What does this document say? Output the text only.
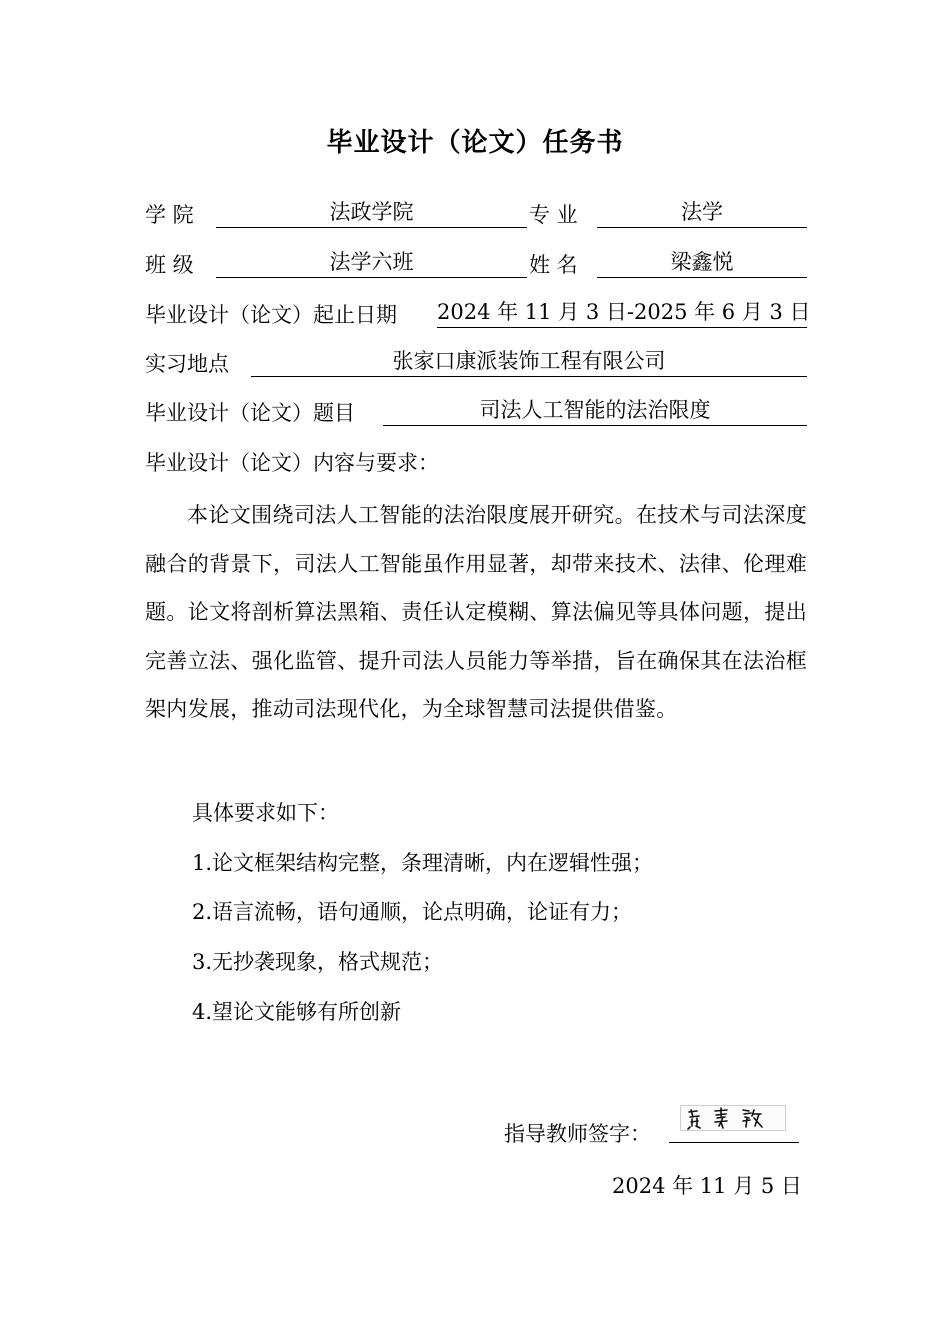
毕业设计（论文）任务书
学 院	法政学院	专 业	法学
班 级	法学六班	姓 名	梁鑫悦
毕业设计（论文）起止日期 2024 年 11 月 3 日-2025 年 6 月 3 日
实习地点	张家口康派装饰工程有限公司
毕业设计（论文）题目	司法人工智能的法治限度
毕业设计（论文）内容与要求：
本论文围绕司法人工智能的法治限度展开研究。在技术与司法深度融合的背景下，司法人工智能虽作用显著，却带来技术、法律、伦理难题。论文将剖析算法黑箱、责任认定模糊、算法偏见等具体问题，提出完善立法、强化监管、提升司法人员能力等举措，旨在确保其在法治框架内发展，推动司法现代化，为全球智慧司法提供借鉴。
具体要求如下：
1.论文框架结构完整，条理清晰，内在逻辑性强；
2.语言流畅，语句通顺，论点明确，论证有力；
3.无抄袭现象，格式规范；
4.望论文能够有所创新
指导教师签字：
2024 年 11 月 5 日
